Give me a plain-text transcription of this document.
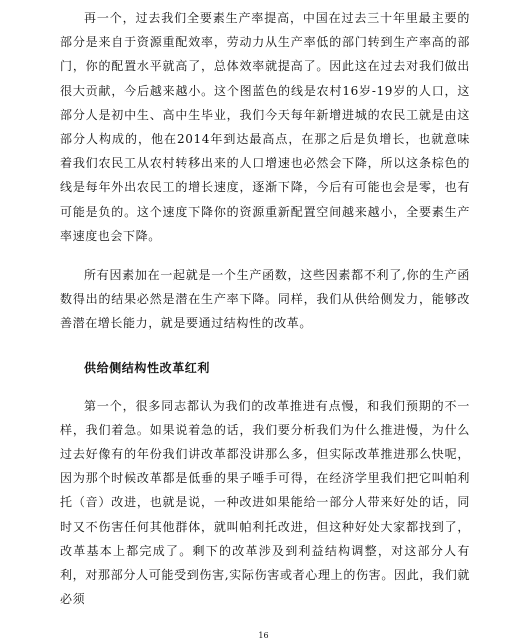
再一个，过去我们全要素生产率提高，中国在过去三十年里最主要的部分是来自于资源重配效率，劳动力从生产率低的部门转到生产率高的部门，你的配置水平就高了，总体效率就提高了。因此这在过去对我们做出很大贡献，今后越来越小。这个图蓝色的线是农村16岁-19岁的人口，这部分人是初中生、高中生毕业，我们今天每年新增进城的农民工就是由这部分人构成的，他在2014年到达最高点，在那之后是负增长，也就意味着我们农民工从农村转移出来的人口增速也必然会下降，所以这条棕色的线是每年外出农民工的增长速度，逐渐下降，今后有可能也会是零，也有可能是负的。这个速度下降你的资源重新配置空间越来越小，全要素生产率速度也会下降。

所有因素加在一起就是一个生产函数，这些因素都不利了,你的生产函数得出的结果必然是潜在生产率下降。同样，我们从供给侧发力，能够改善潜在增长能力，就是要通过结构性的改革。

供给侧结构性改革红利

第一个，很多同志都认为我们的改革推进有点慢，和我们预期的不一样，我们着急。如果说着急的话，我们要分析我们为什么推进慢，为什么过去好像有的年份我们讲改革都没讲那么多，但实际改革推进那么快呢，因为那个时候改革都是低垂的果子唾手可得，在经济学里我们把它叫帕利托（音）改进，也就是说，一种改进如果能给一部分人带来好处的话，同时又不伤害任何其他群体，就叫帕利托改进，但这种好处大家都找到了，改革基本上都完成了。剩下的改革涉及到利益结构调整，对这部分人有利，对那部分人可能受到伤害,实际伤害或者心理上的伤害。因此，我们就必须

16
